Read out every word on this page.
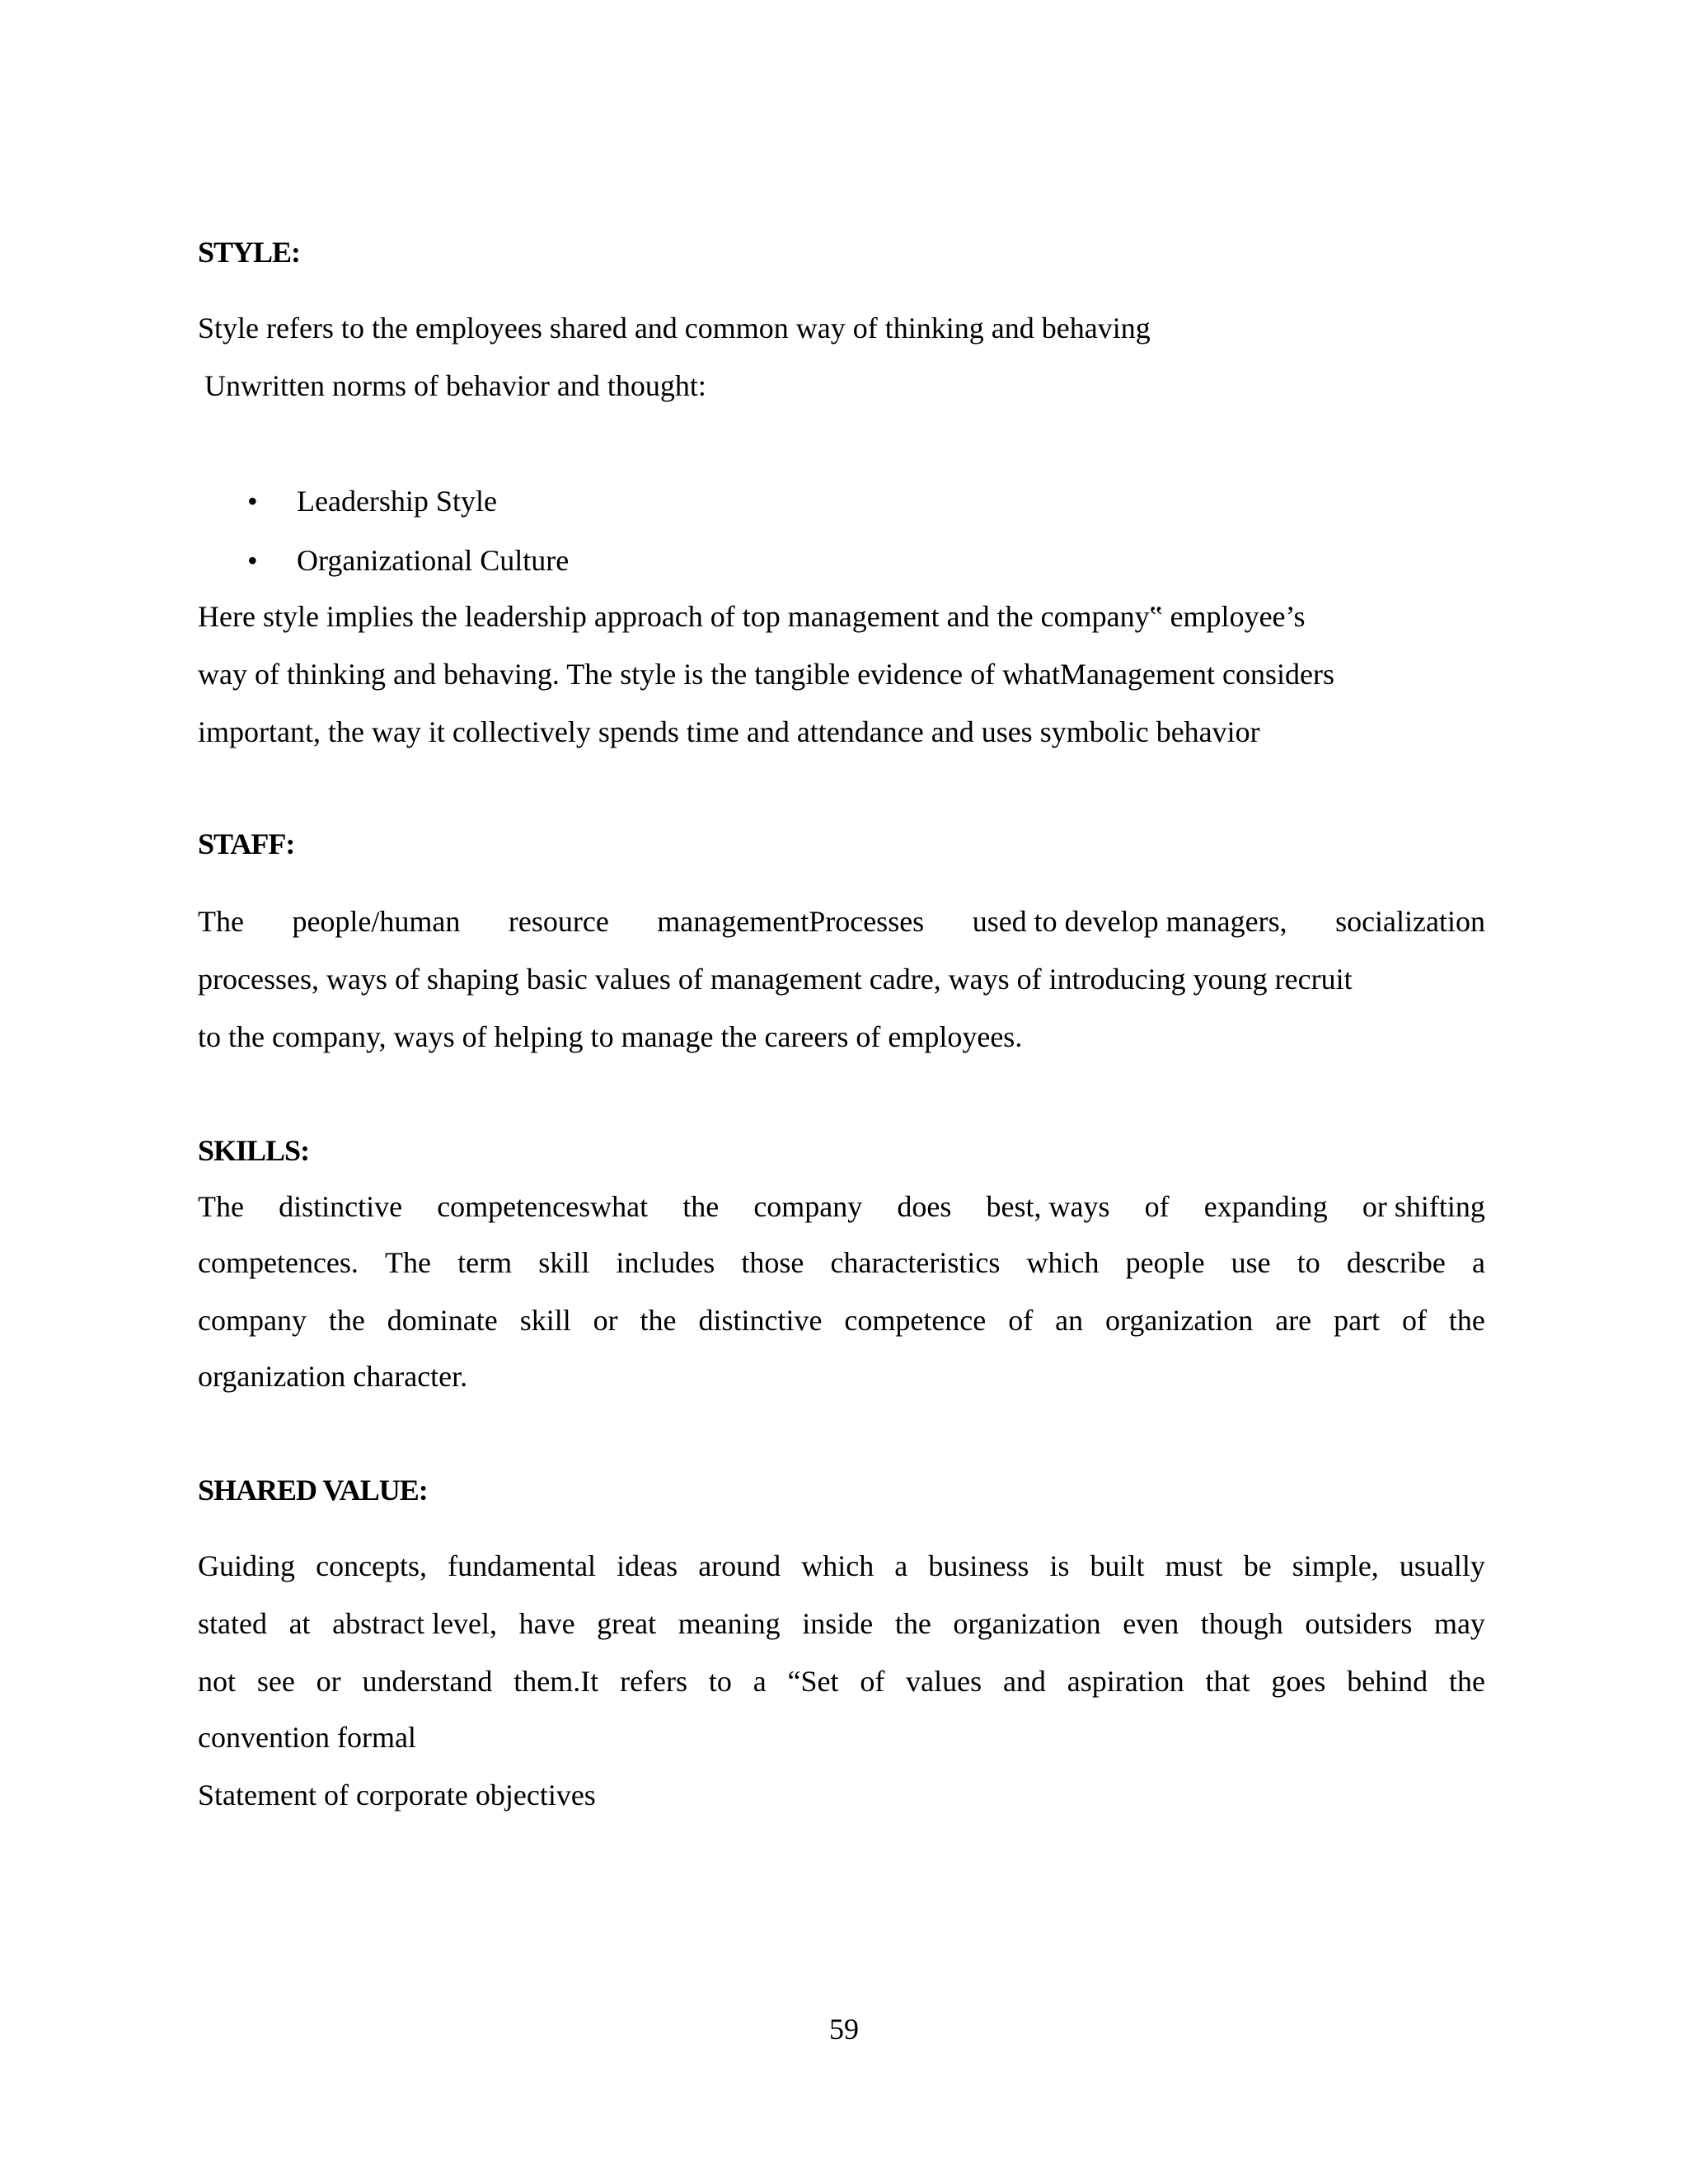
STYLE:
Style refers to the employees shared and common way of thinking and behaving
Unwritten norms of behavior and thought:
• Leadership Style
• Organizational Culture
Here style implies the leadership approach of top management and the company‟ employee’s
way of thinking and behaving. The style is the tangible evidence of whatManagement considers
important, the way it collectively spends time and attendance and uses symbolic behavior
STAFF:
The people/human resource managementProcesses used to develop managers, socialization
processes, ways of shaping basic values of management cadre, ways of introducing young recruit
to the company, ways of helping to manage the careers of employees.
SKILLS:
The distinctive competenceswhat the company does best, ways of expanding or shifting
competences. The term skill includes those characteristics which people use to describe a
company the dominate skill or the distinctive competence of an organization are part of the
organization character.
SHARED VALUE:
Guiding concepts, fundamental ideas around which a business is built must be simple, usually
stated at abstract level, have great meaning inside the organization even though outsiders may
not see or understand them.It refers to a “Set of values and aspiration that goes behind the
convention formal
Statement of corporate objectives
59
